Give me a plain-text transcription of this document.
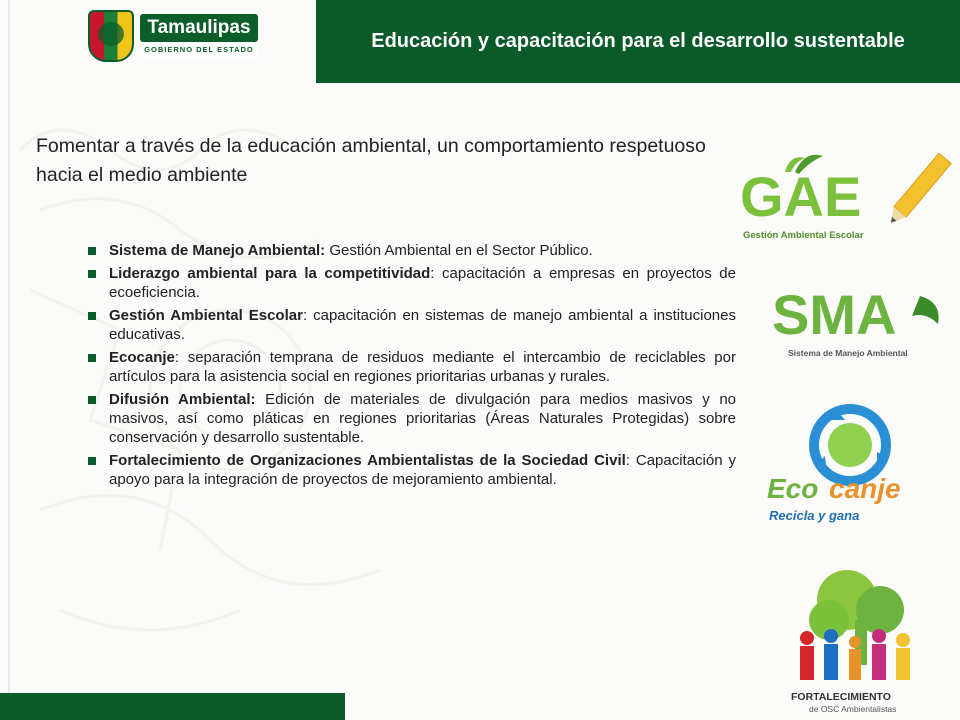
Tamaulipas
GOBIERNO DEL ESTADO	Educación y capacitación para el desarrollo sustentable

Fomentar a través de la educación ambiental, un comportamiento respetuoso hacia el medio ambiente

Sistema de Manejo Ambiental: Gestión Ambiental en el Sector Público.
Liderazgo ambiental para la competitividad: capacitación a empresas en proyectos de ecoeficiencia.
Gestión Ambiental Escolar: capacitación en sistemas de manejo ambiental a instituciones educativas.
Ecocanje: separación temprana de residuos mediante el intercambio de reciclables por artículos para la asistencia social en regiones prioritarias urbanas y rurales.
Difusión Ambiental: Edición de materiales de divulgación para medios masivos y no masivos, así como pláticas en regiones prioritarias (Áreas Naturales Protegidas) sobre conservación y desarrollo sustentable.
Fortalecimiento de Organizaciones Ambientalistas de la Sociedad Civil: Capacitación y apoyo para la integración de proyectos de mejoramiento ambiental.
GAE
Gestión Ambiental Escolar
SMA
Sistema de Manejo Ambiental
Eco canje
Recicla y gana
FORTALECIMIENTO
de OSC Ambientalistas
